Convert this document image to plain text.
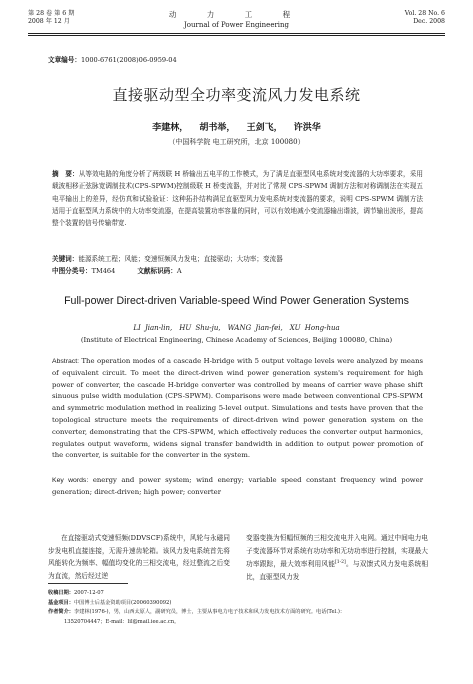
第 28 卷 第 6 期
2008 年 12 月
动 力 工 程
Journal of Power Engineering
Vol. 28 No. 6
Dec. 2008
文章编号：1000-6761(2008)06-0959-04
直接驱动型全功率变流风力发电系统
李建林， 胡书举， 王剑飞， 许洪华
（中国科学院 电工研究所，北京 100080）
摘　要：从等效电路的角度分析了两级联 H 桥输出五电平的工作模式，为了满足直驱型风电系统对变流器的大功率要求，采用载波相移正弦脉宽调制技术(CPS-SPWM)控制级联 H 桥变流器，并对比了常规 CPS-SPWM 调制方法和对称调制法在实现五电平输出上的差异，经仿真和试验验证：这种拓扑结构满足直驱型风力发电系统对变流器的要求，说明 CPS-SPWM 调制方法适用于直驱型风力系统中的大功率变流器，在提高装置功率容量的同时，可以有效地减小变流器输出谐波，调节输出波形，提高整个装置的信号传输带宽.
关键词：能源系统工程；风能；变速恒频风力发电；直接驱动；大功率；变流器
中图分类号：TM464	文献标识码：A
Full-power Direct-driven Variable-speed Wind Power Generation Systems
LI Jian-lin,　HU Shu-ju,　WANG Jian-fei,　XU Hong-hua
(Institute of Electrical Engineering, Chinese Academy of Sciences, Beijing 100080, China)
Abstract: The operation modes of a cascade H-bridge with 5 output voltage levels were analyzed by means of equivalent circuit. To meet the direct-driven wind power generation system's requirement for high power of converter, the cascade H-bridge converter was controlled by means of carrier wave phase shift sinuous pulse width modulation (CPS-SPWM). Comparisons were made between conventional CPS-SPWM and symmetric modulation method in realizing 5-level output. Simulations and tests have proven that the topological structure meets the requirements of direct-driven wind power generation system on the converter, demonstrating that the CPS-SPWM, which effectively reduces the converter output harmonics, regulates output waveform, widens signal transfer bandwidth in addition to output power promotion of the converter, is suitable for the converter in the system.
Key words: energy and power system; wind energy; variable speed constant frequency wind power generation; direct-driven; high power; converter
在直接驱动式变速恒频(DDVSCF)系统中，风轮与永磁同步发电机直接连接，无需升速齿轮箱。该风力发电系统首先将风能转化为频率、幅值均变化的三相交流电，经过整流之后变为直流，然后经过逆
变器变换为恒幅恒频的三相交流电并入电网。通过中间电力电子变流器环节对系统有功功率和无功功率进行控制，实现最大功率跟踪，最大效率利用风能[1-2]。与双馈式风力发电系统相比，直驱型风力发
收稿日期：2007-12-07
基金项目：中国博士后基金资助项目(20060390092)
作者简介：李建林(1976-)，男，山西太原人，副研究员，博士，主要从事电力电子技术和风力发电技术方面的研究。电话(Tel.)：
13520704447；E-mail：lil@mail.iee.ac.cn。
